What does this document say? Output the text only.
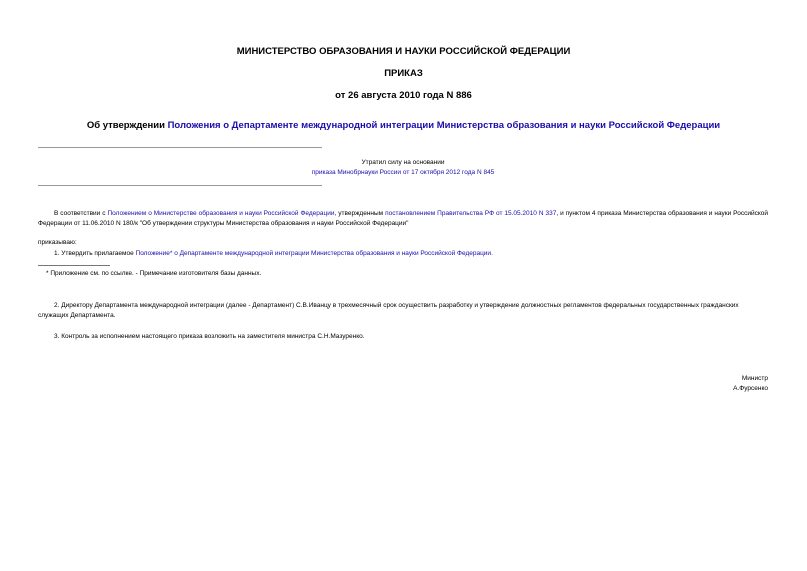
МИНИСТЕРСТВО ОБРАЗОВАНИЯ И НАУКИ РОССИЙСКОЙ ФЕДЕРАЦИИ
ПРИКАЗ
от 26 августа 2010 года N 886
Об утверждении Положения о Департаменте международной интеграции Министерства образования и науки Российской Федерации
Утратил силу на основании
приказа Минобрнауки России от 17 октября 2012 года N 845
В соответствии с Положением о Министерстве образования и науки Российской Федерации, утвержденным постановлением Правительства РФ от 15.05.2010 N 337, и пунктом 4 приказа Министерства образования и науки Российской Федерации от 11.06.2010 N 180/к "Об утверждении структуры Министерства образования и науки Российской Федерации"
приказываю:
1. Утвердить прилагаемое Положение* о Департаменте международной интеграции Министерства образования и науки Российской Федерации.
* Приложение см. по ссылке. - Примечание изготовителя базы данных.
2. Директору Департамента международной интеграции (далее - Департамент) С.В.Иванцу в трехмесячный срок осуществить разработку и утверждение должностных регламентов федеральных государственных гражданских служащих Департамента.
3. Контроль за исполнением настоящего приказа возложить на заместителя министра С.Н.Мазуренко.
Министр
А.Фурсенко
